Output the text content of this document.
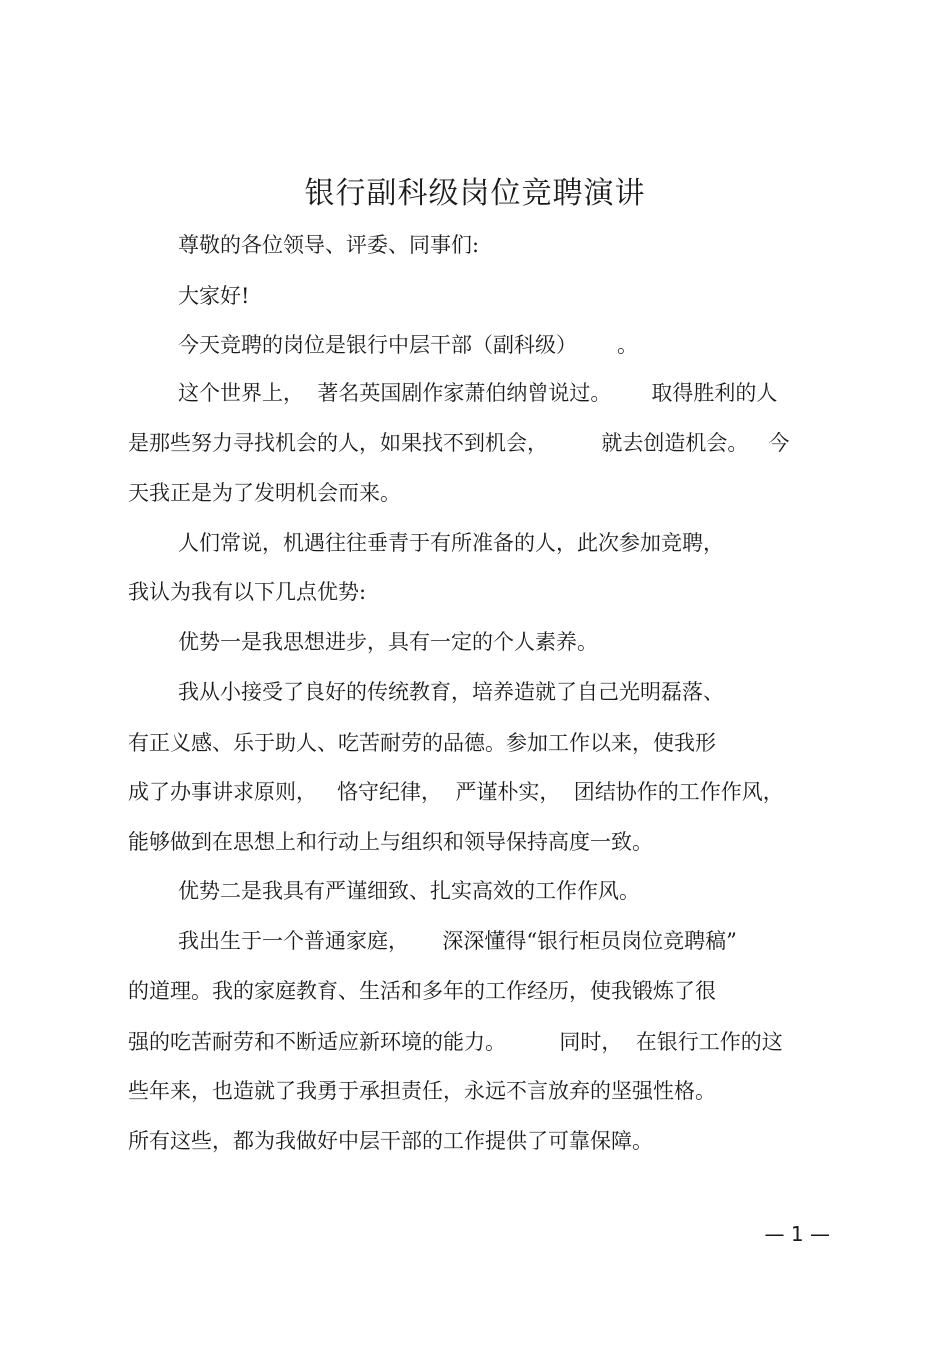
银行副科级岗位竞聘演讲

尊敬的各位领导、评委、同事们:

大家好!

今天竞聘的岗位是银行中层干部（副科级）      。

这个世界上，  著名英国剧作家萧伯纳曾说过。      取得胜利的人

是那些努力寻找机会的人，如果找不到机会，        就去创造机会。   今

天我正是为了发明机会而来。

人们常说，机遇往往垂青于有所准备的人，此次参加竞聘，

我认为我有以下几点优势:

优势一是我思想进步，具有一定的个人素养。

我从小接受了良好的传统教育，培养造就了自己光明磊落、

有正义感、乐于助人、吃苦耐劳的品德。参加工作以来，使我形

成了办事讲求原则，   恪守纪律，  严谨朴实，  团结协作的工作作风，

能够做到在思想上和行动上与组织和领导保持高度一致。

优势二是我具有严谨细致、扎实高效的工作作风。

我出生于一个普通家庭，     深深懂得“银行柜员岗位竞聘稿”

的道理。我的家庭教育、生活和多年的工作经历，使我锻炼了很

强的吃苦耐劳和不断适应新环境的能力。        同时，  在银行工作的这

些年来，也造就了我勇于承担责任，永远不言放弃的坚强性格。

所有这些，都为我做好中层干部的工作提供了可靠保障。

— 1 —
